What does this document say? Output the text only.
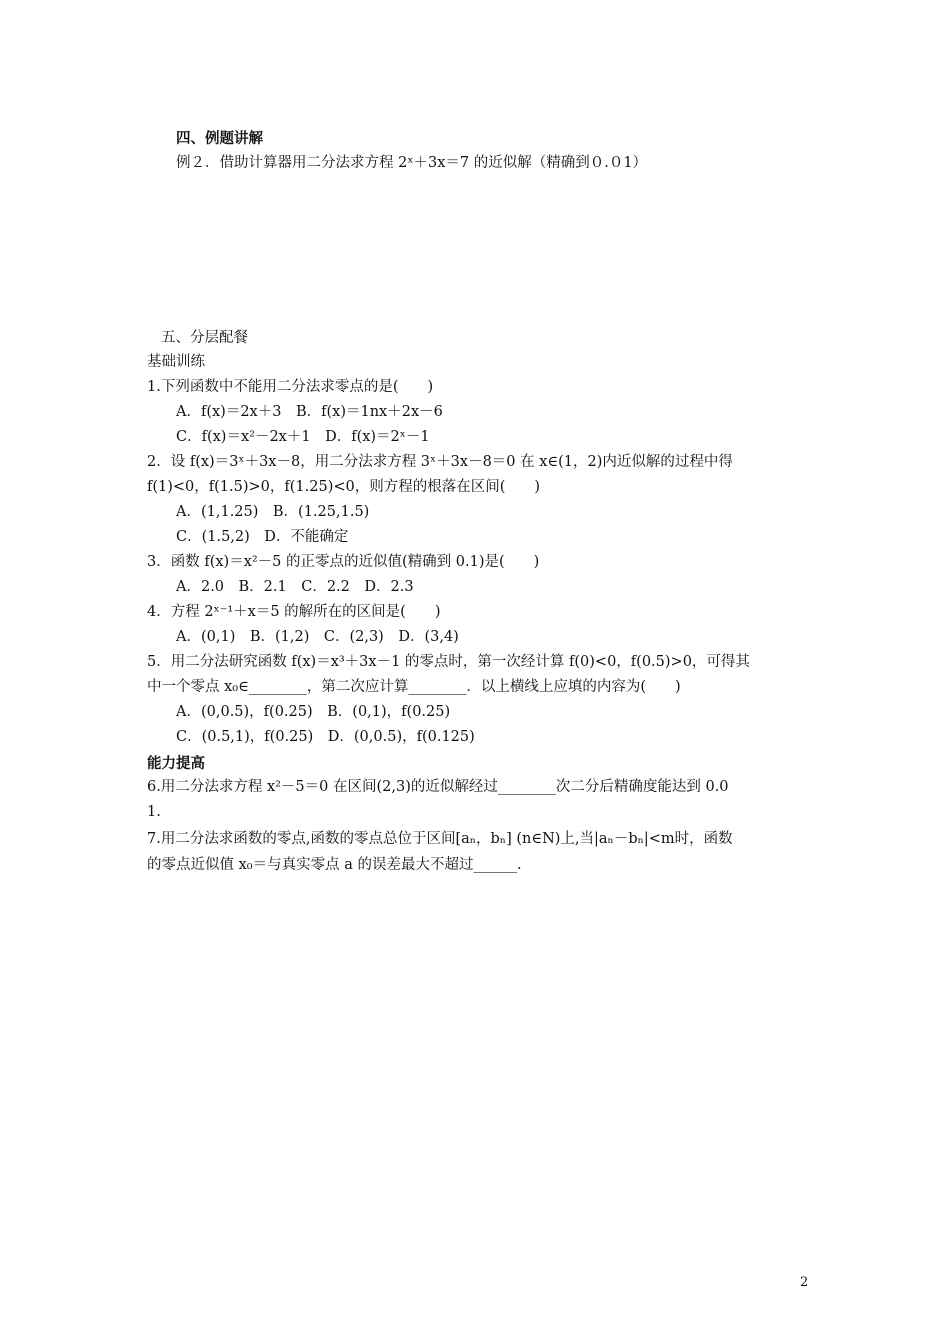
四、例题讲解
例２．借助计算器用二分法求方程 2ˣ＋3x＝7 的近似解（精确到０.０1）
五、分层配餐
基础训练
1.下列函数中不能用二分法求零点的是(　　)
A．f(x)＝2x＋3　B．f(x)＝1nx＋2x－6
C．f(x)＝x²－2x＋1　D．f(x)＝2ˣ－1
2．设 f(x)＝3ˣ＋3x－8，用二分法求方程 3ˣ＋3x－8＝0 在 x∈(1，2)内近似解的过程中得
f(1)<0，f(1.5)>0，f(1.25)<0，则方程的根落在区间(　　)
A．(1,1.25)　B．(1.25,1.5)
C．(1.5,2)　D．不能确定
3．函数 f(x)＝x²－5 的正零点的近似值(精确到 0.1)是(　　)
A．2.0　B．2.1　C．2.2　D．2.3
4．方程 2ˣ⁻¹＋x＝5 的解所在的区间是(　　)
A．(0,1)　B．(1,2)　C．(2,3)　D．(3,4)
5．用二分法研究函数 f(x)＝x³＋3x－1 的零点时，第一次经计算 f(0)<0，f(0.5)>0，可得其
中一个零点 x₀∈________，第二次应计算________．以上横线上应填的内容为(　　)
A．(0,0.5)，f(0.25)　B．(0,1)，f(0.25)
C．(0.5,1)，f(0.25)　D．(0,0.5)，f(0.125)
能力提高
6.用二分法求方程 x²－5＝0 在区间(2,3)的近似解经过________次二分后精确度能达到 0.0
1.
7.用二分法求函数的零点,函数的零点总位于区间[aₙ，bₙ] (n∈N)上,当|aₙ－bₙ|<m时，函数
的零点近似值 x₀＝与真实零点 a 的误差最大不超过______.
2
